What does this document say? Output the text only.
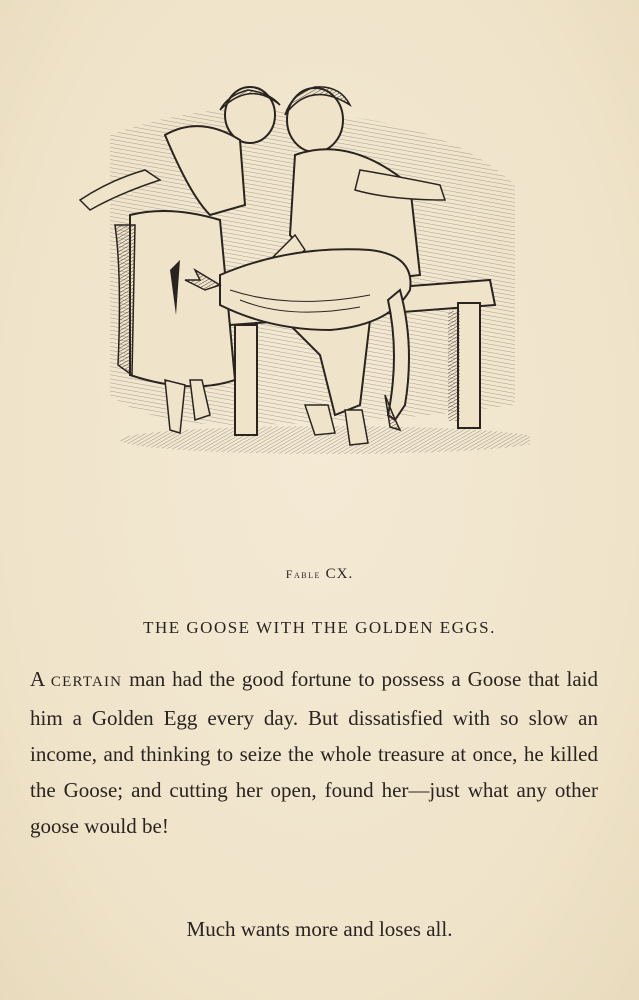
Fable CX.
THE GOOSE WITH THE GOLDEN EGGS.
A CERTAIN man had the good fortune to possess a Goose that laid him a Golden Egg every day. But dissatisfied with so slow an income, and thinking to seize the whole treasure at once, he killed the Goose; and cutting her open, found her—just what any other goose would be!
Much wants more and loses all.
